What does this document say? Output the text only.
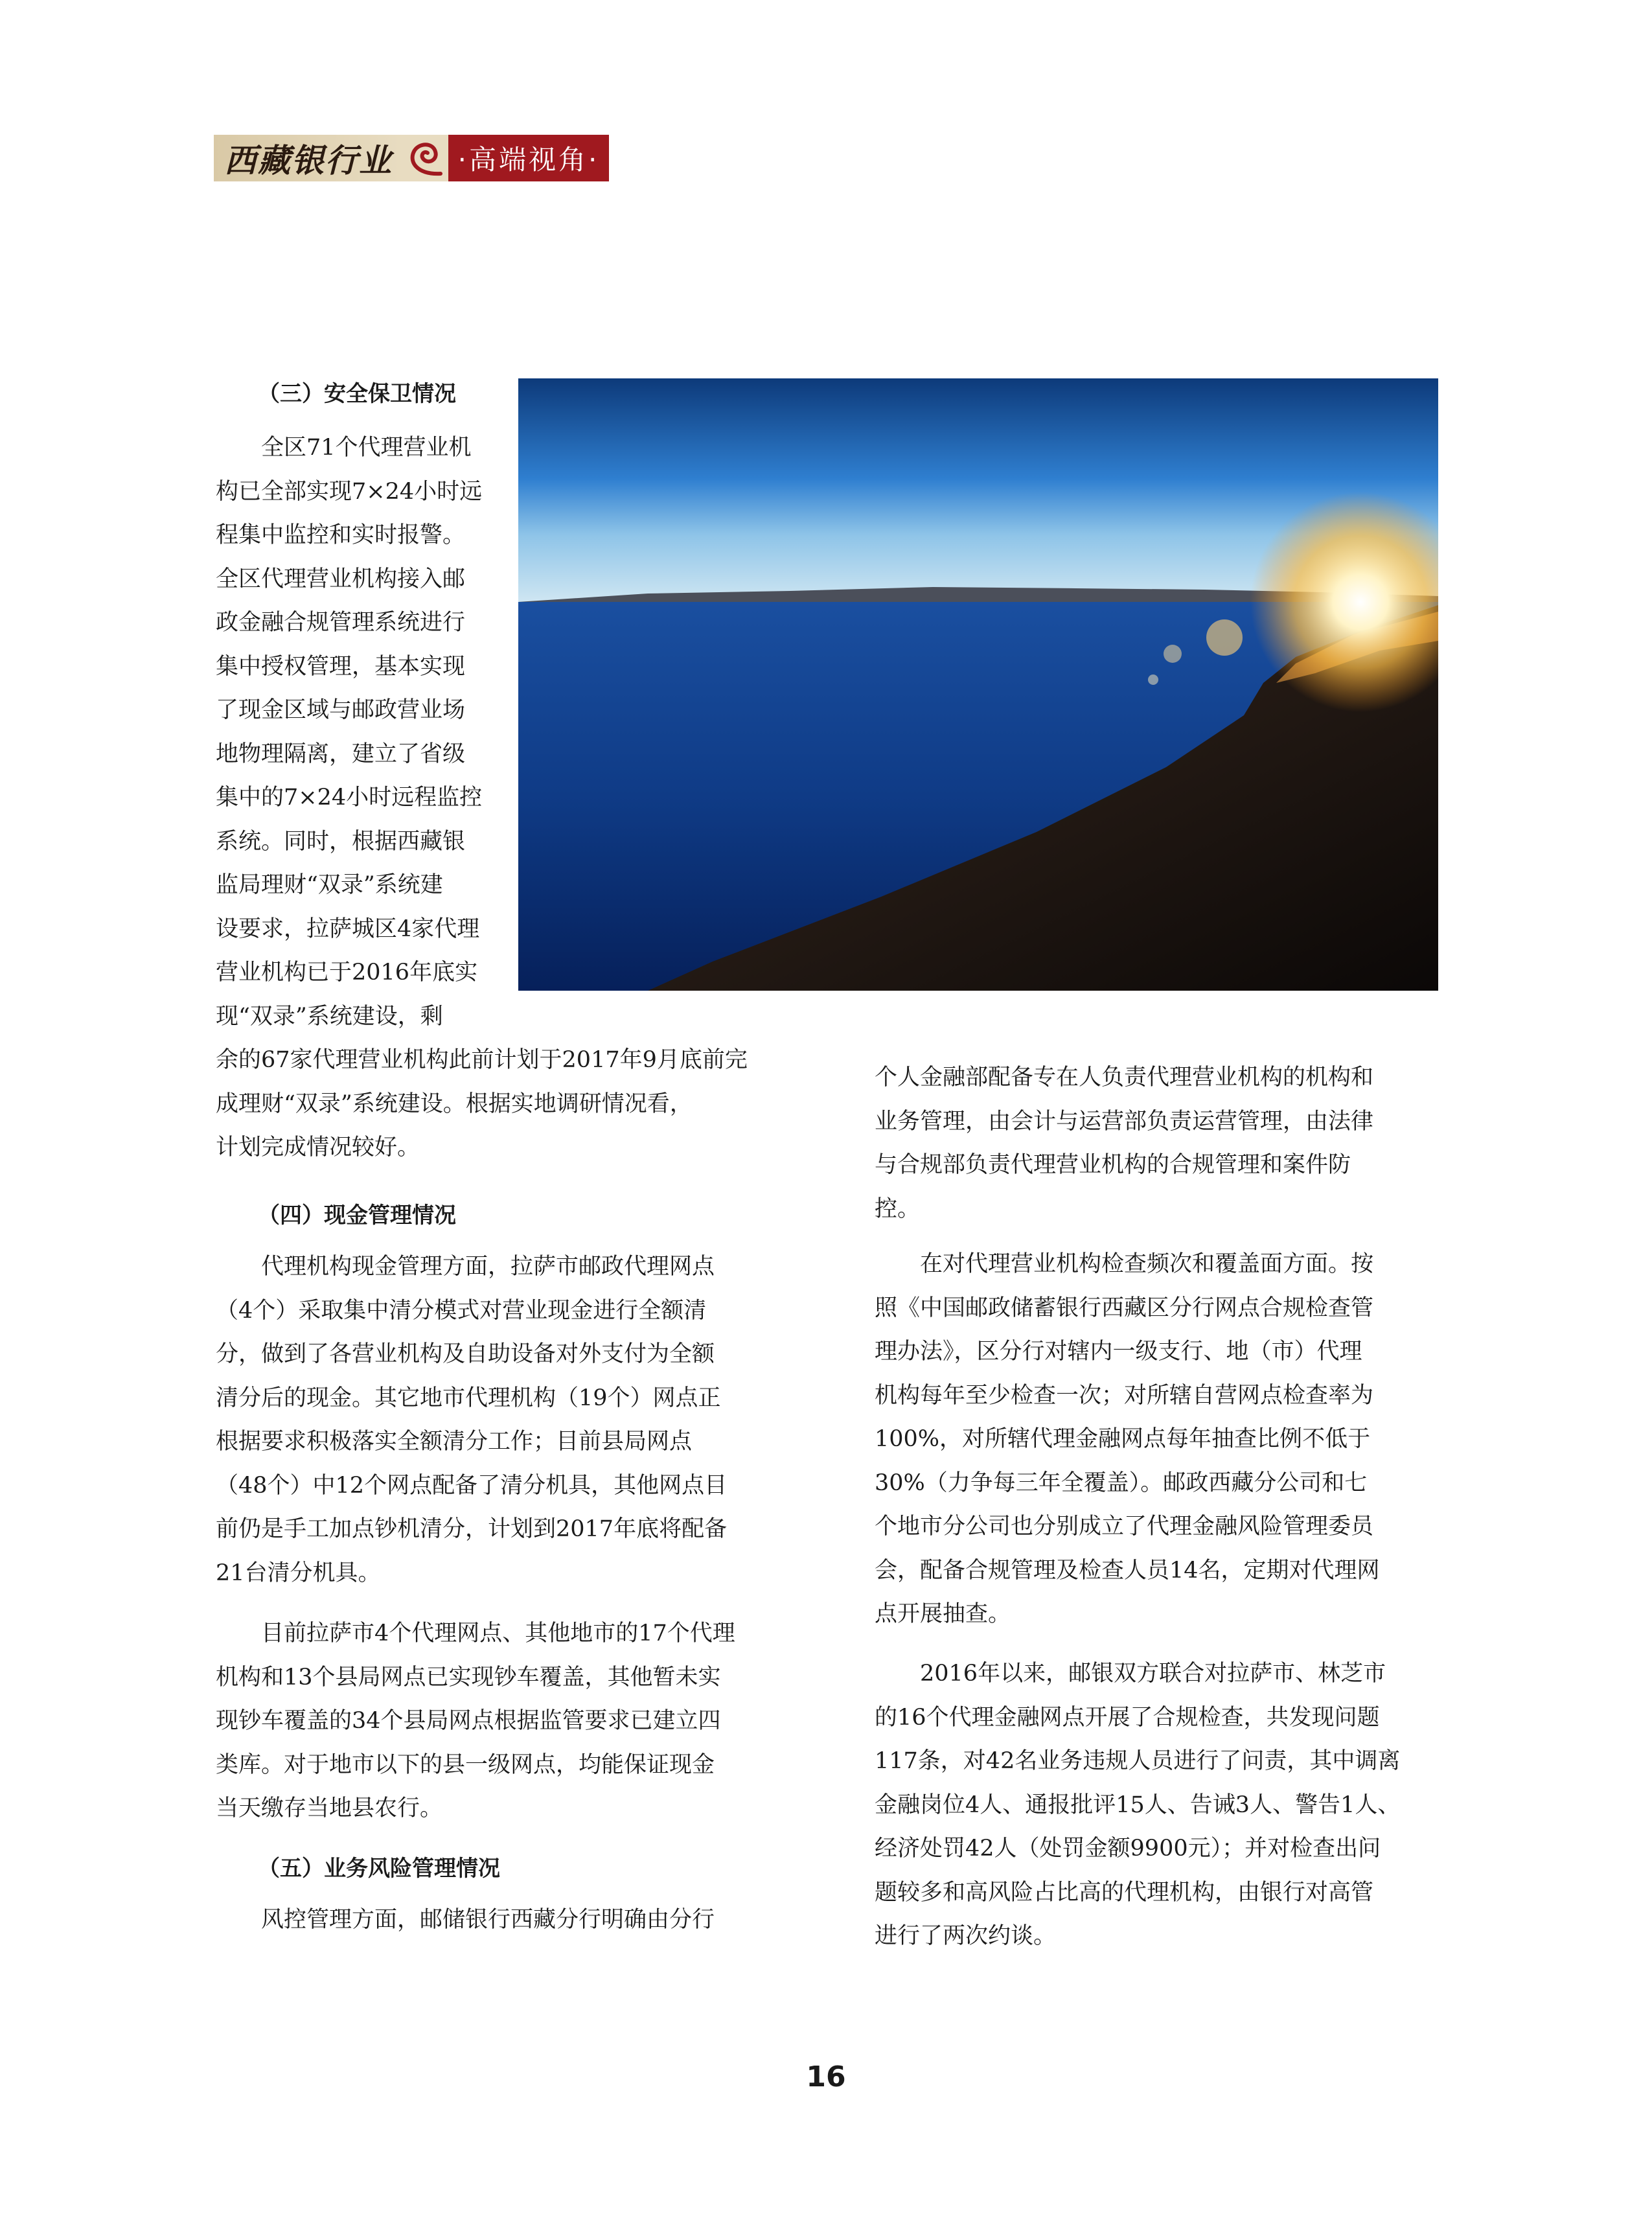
西藏银行业	·高端视角·
（三）安全保卫情况
全区71个代理营业机
构已全部实现7×24小时远
程集中监控和实时报警。
全区代理营业机构接入邮
政金融合规管理系统进行
集中授权管理，基本实现
了现金区域与邮政营业场
地物理隔离，建立了省级
集中的7×24小时远程监控
系统。同时，根据西藏银
监局理财“双录”系统建
设要求，拉萨城区4家代理
营业机构已于2016年底实
现“双录”系统建设，剩
余的67家代理营业机构此前计划于2017年9月底前完
成理财“双录”系统建设。根据实地调研情况看，
计划完成情况较好。
（四）现金管理情况
代理机构现金管理方面，拉萨市邮政代理网点
（4个）采取集中清分模式对营业现金进行全额清
分，做到了各营业机构及自助设备对外支付为全额
清分后的现金。其它地市代理机构（19个）网点正
根据要求积极落实全额清分工作；目前县局网点
（48个）中12个网点配备了清分机具，其他网点目
前仍是手工加点钞机清分，计划到2017年底将配备
21台清分机具。
目前拉萨市4个代理网点、其他地市的17个代理
机构和13个县局网点已实现钞车覆盖，其他暂未实
现钞车覆盖的34个县局网点根据监管要求已建立四
类库。对于地市以下的县一级网点，均能保证现金
当天缴存当地县农行。
（五）业务风险管理情况
风控管理方面，邮储银行西藏分行明确由分行
个人金融部配备专在人负责代理营业机构的机构和
业务管理，由会计与运营部负责运营管理，由法律
与合规部负责代理营业机构的合规管理和案件防
控。
在对代理营业机构检查频次和覆盖面方面。按
照《中国邮政储蓄银行西藏区分行网点合规检查管
理办法》，区分行对辖内一级支行、地（市）代理
机构每年至少检查一次；对所辖自营网点检查率为
100%，对所辖代理金融网点每年抽查比例不低于
30%（力争每三年全覆盖）。邮政西藏分公司和七
个地市分公司也分别成立了代理金融风险管理委员
会，配备合规管理及检查人员14名，定期对代理网
点开展抽查。
2016年以来，邮银双方联合对拉萨市、林芝市
的16个代理金融网点开展了合规检查，共发现问题
117条，对42名业务违规人员进行了问责，其中调离
金融岗位4人、通报批评15人、告诫3人、警告1人、
经济处罚42人（处罚金额9900元）；并对检查出问
题较多和高风险占比高的代理机构，由银行对高管
进行了两次约谈。
16
